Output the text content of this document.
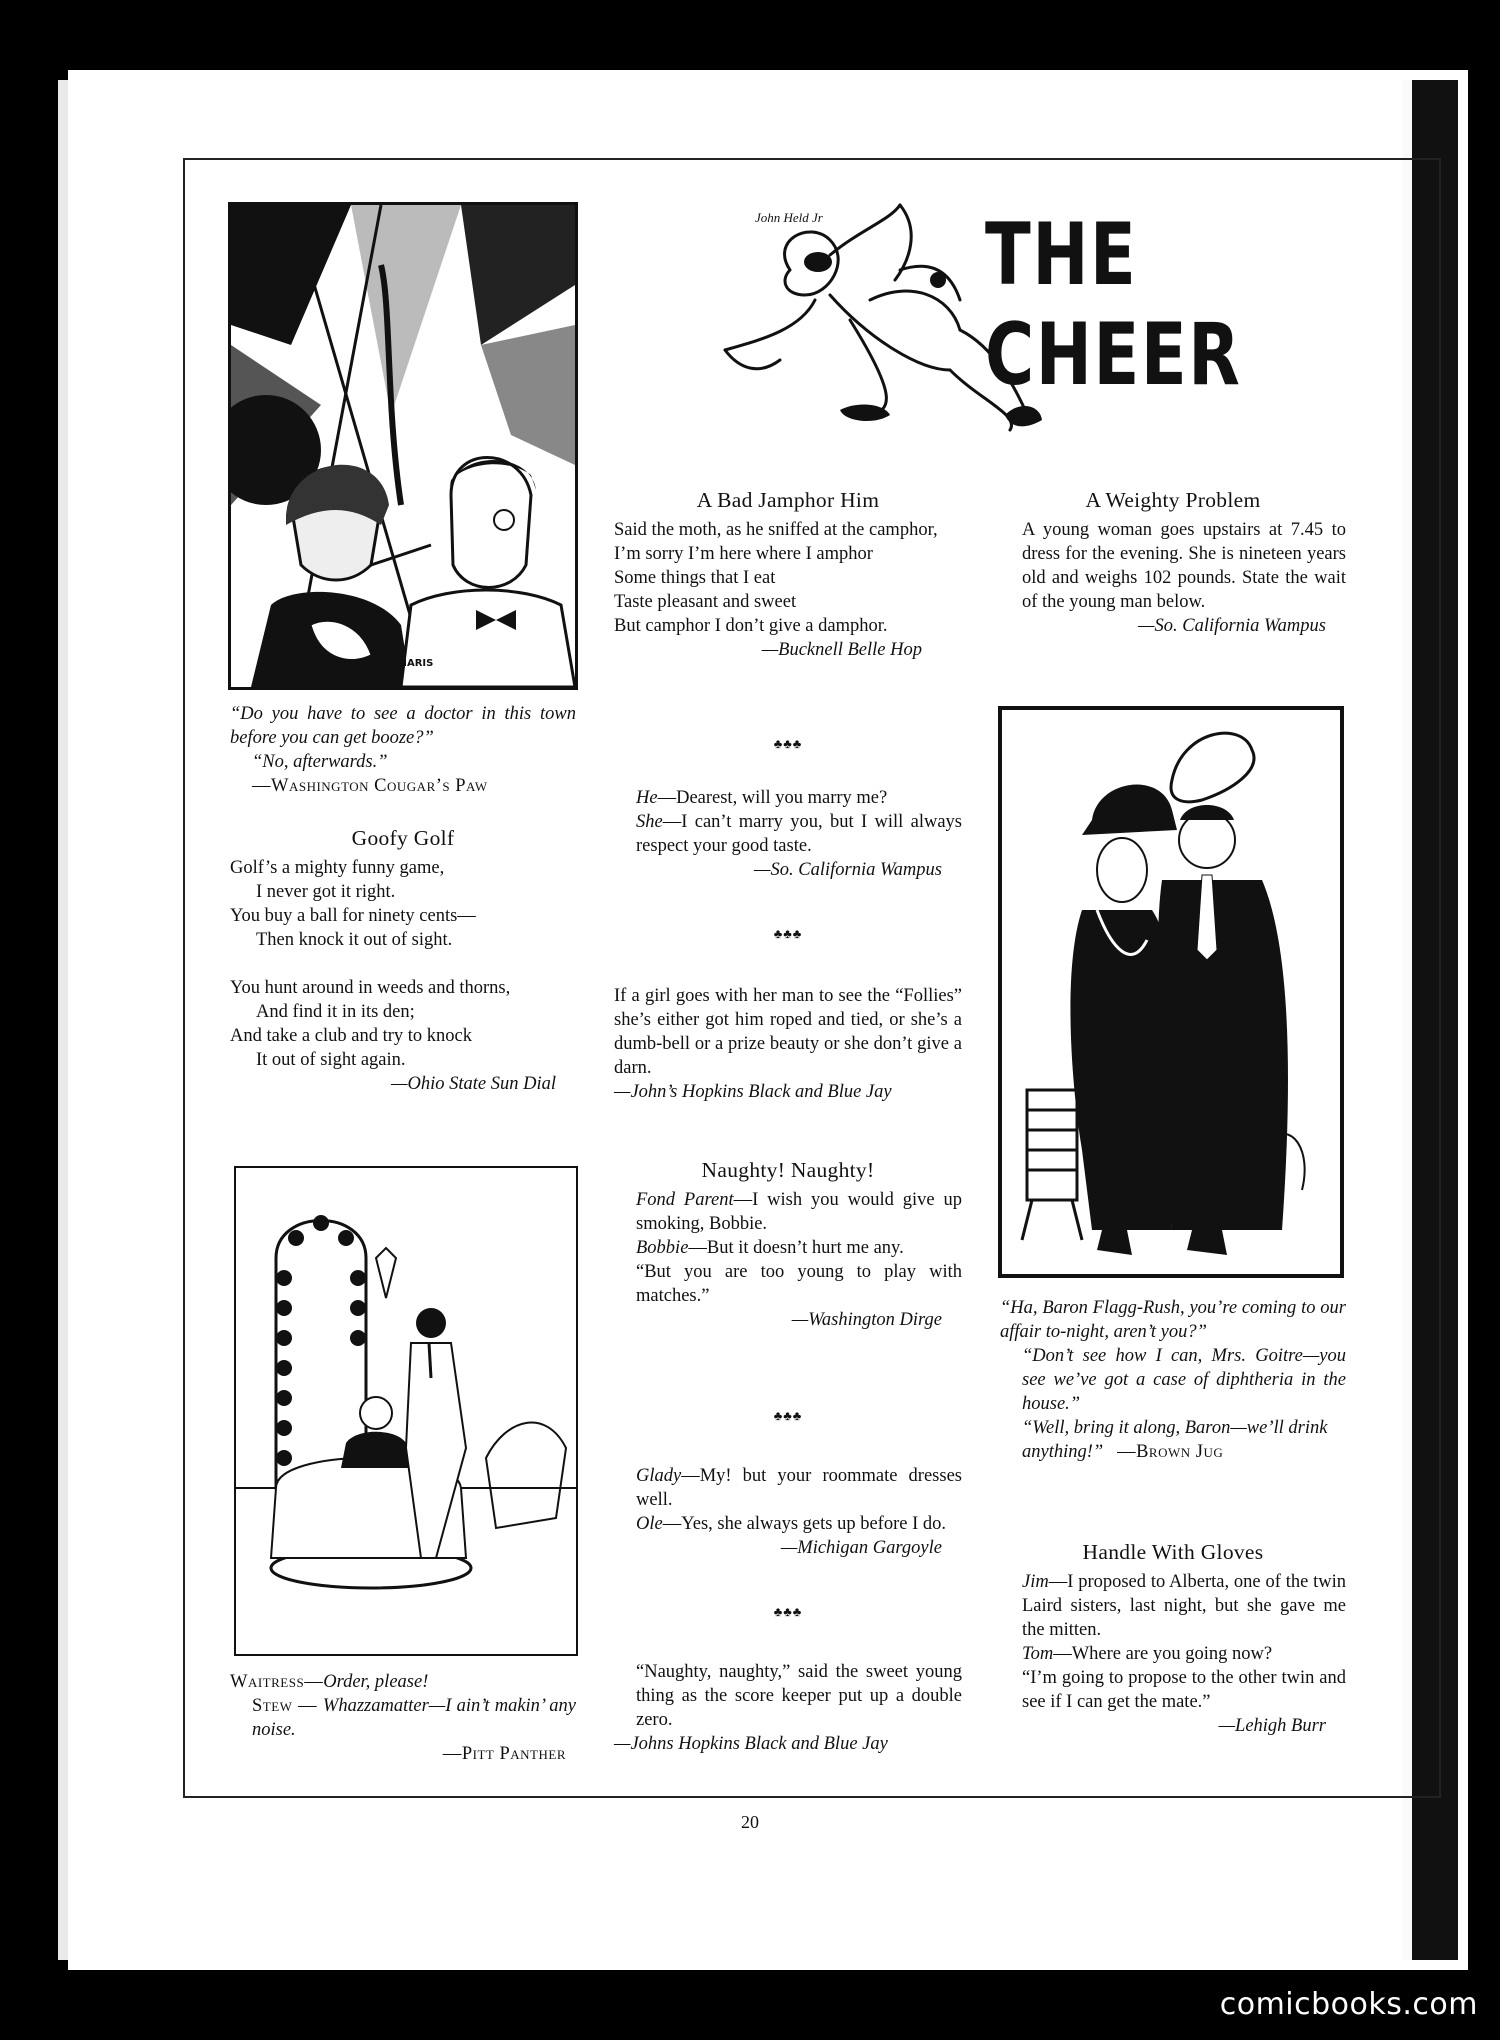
John Held Jr THE CHEER
MARIS

“Do you have to see a doctor in this town before you can get booze?”

“No, afterwards.”

—Washington Cougar’s Paw

Goofy Golf

Golf’s a mighty funny game,

I never got it right.

You buy a ball for ninety cents—

Then knock it out of sight.

You hunt around in weeds and thorns,

And find it in its den;

And take a club and try to knock

It out of sight again.

—Ohio State Sun Dial

Waitress—Order, please!

Stew — Whazzamatter—I ain’t makin’ any noise.

—Pitt Panther

A Bad Jamphor Him

Said the moth, as he sniffed at the camphor,

I’m sorry I’m here where I amphor

Some things that I eat

Taste pleasant and sweet

But camphor I don’t give a damphor.

—Bucknell Belle Hop

♣♣♣

He—Dearest, will you marry me?

She—I can’t marry you, but I will always respect your good taste.

—So. California Wampus

♣♣♣

If a girl goes with her man to see the “Follies” she’s either got him roped and tied, or she’s a dumb-bell or a prize beauty or she don’t give a darn.

—John’s Hopkins Black and Blue Jay

Naughty! Naughty!

Fond Parent—I wish you would give up smoking, Bobbie.

Bobbie—But it doesn’t hurt me any.

“But you are too young to play with matches.”

—Washington Dirge

♣♣♣

Glady—My! but your roommate dresses well.

Ole—Yes, she always gets up before I do.

—Michigan Gargoyle

♣♣♣

“Naughty, naughty,” said the sweet young thing as the score keeper put up a double zero.

—Johns Hopkins Black and Blue Jay

A Weighty Problem

A young woman goes upstairs at 7.45 to dress for the evening. She is nineteen years old and weighs 102 pounds. State the wait of the young man below.

—So. California Wampus

“Ha, Baron Flagg-Rush, you’re coming to our affair to-night, aren’t you?”

“Don’t see how I can, Mrs. Goitre—you see we’ve got a case of diphtheria in the house.”

“Well, bring it along, Baron—we’ll drink anything!” —Brown Jug

Handle With Gloves

Jim—I proposed to Alberta, one of the twin Laird sisters, last night, but she gave me the mitten.

Tom—Where are you going now?

“I’m going to propose to the other twin and see if I can get the mate.”

—Lehigh Burr

20
comicbooks.com
